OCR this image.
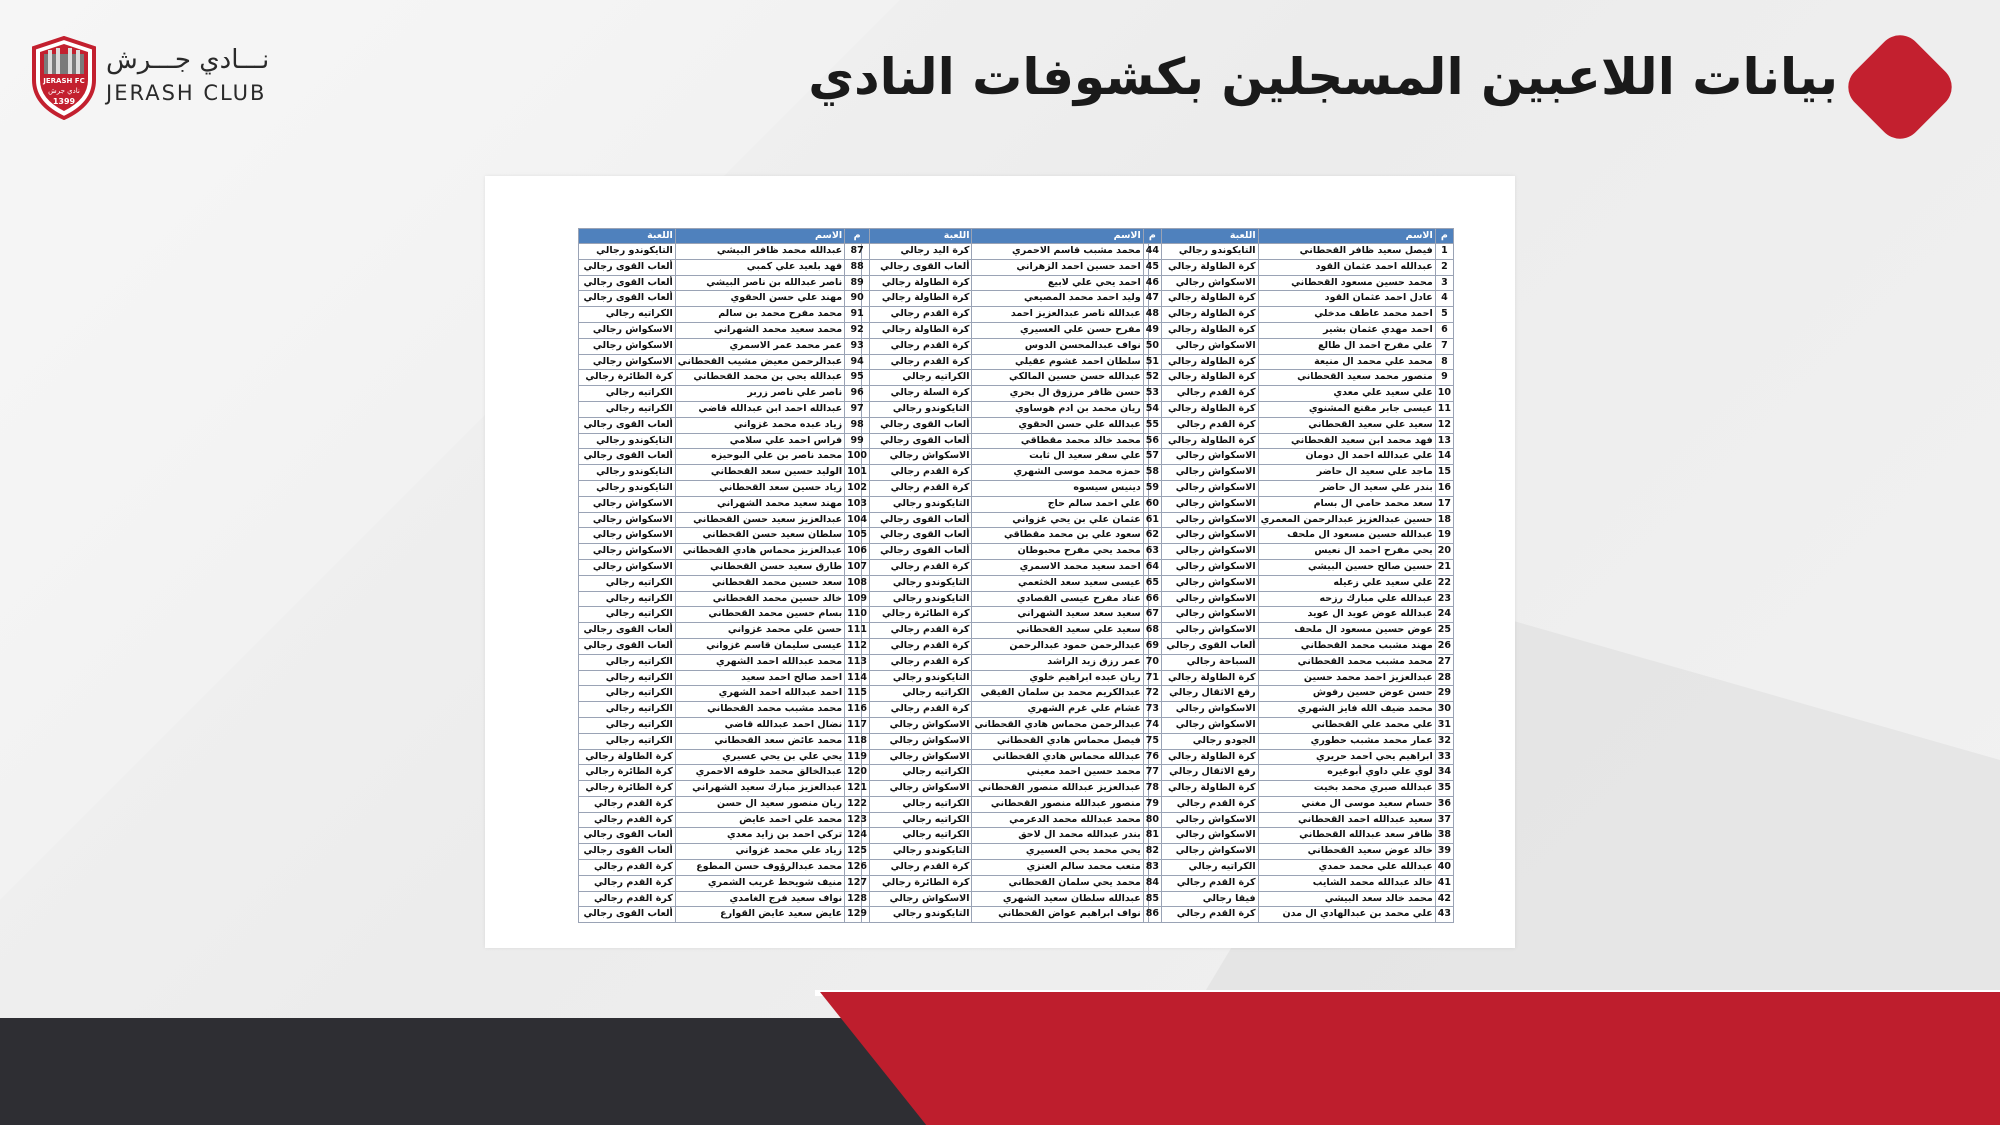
بيانات اللاعبين المسجلين بكشوفات النادي
JERASH FC
نادي جرش
1399
نـــادي جـــرش
JERASH CLUB
م	الاسم	اللعبة
1	فيصل سعيد ظافر القحطاني	التايكوندو رجالي
2	عبدالله احمد عثمان القود	كرة الطاولة رجالي
3	محمد حسين مسعود القحطاني	الاسكواش رجالي
4	عادل احمد عثمان القود	كرة الطاولة رجالي
5	احمد محمد عاطف مدخلي	كرة الطاولة رجالي
6	احمد مهدي عثمان بشير	كرة الطاولة رجالي
7	علي مفرح احمد ال طالع	الاسكواش رجالي
8	محمد علي محمد ال منيعة	كرة الطاولة رجالي
9	منصور محمد سعيد القحطاني	كرة الطاولة رجالي
10	علي سعيد علي معدي	كرة القدم رجالي
11	عيسى جابر مقنع المشنوي	كرة الطاولة رجالي
12	سعيد علي سعيد القحطاني	كرة القدم رجالي
13	فهد محمد ابن سعيد القحطاني	كرة الطاولة رجالي
14	علي عبدالله احمد ال دومان	الاسكواش رجالي
15	ماجد علي سعيد ال حاضر	الاسكواش رجالي
16	بندر علي سعيد ال حاضر	الاسكواش رجالي
17	سعد محمد حامي ال بسام	الاسكواش رجالي
18	حسين عبدالعزيز عبدالرحمن المعمري	الاسكواش رجالي
19	عبدالله حسين مسعود ال ملحف	الاسكواش رجالي
20	يحي مفرح احمد ال نعيس	الاسكواش رجالي
21	حسين صالح حسين البيشي	الاسكواش رجالي
22	علي سعيد علي زعيله	الاسكواش رجالي
23	عبدالله علي مبارك رزحه	الاسكواش رجالي
24	عبدالله عوض عويد ال عويد	الاسكواش رجالي
25	عوض حسين مسعود ال ملحف	الاسكواش رجالي
26	مهند مشبب محمد القحطاني	ألعاب القوى رجالي
27	محمد مشبب محمد القحطاني	السباحة رجالي
28	عبدالعزيز احمد محمد حسين	كرة الطاولة رجالي
29	حسن عوض حسين رفوش	رفع الاثقال رجالي
30	محمد ضيف الله فايز الشهري	الاسكواش رجالي
31	علي محمد علي القحطاني	الاسكواش رجالي
32	عمار محمد مشبب حطوري	الجودو رجالي
33	ابراهيم يحي احمد حريري	كرة الطاولة رجالي
34	لوي علي داوي أبوغيره	رفع الاثقال رجالي
35	عبدالله صبري محمد بخيت	كرة الطاولة رجالي
36	حسام سعيد موسى ال مغني	كرة القدم رجالي
37	سعيد عبدالله احمد القحطاني	الاسكواش رجالي
38	ظافر سعد عبدالله القحطاني	الاسكواش رجالي
39	خالد عوض سعيد القحطاني	الاسكواش رجالي
40	عبدالله علي محمد حمدي	الكراتيه رجالي
41	خالد عبدالله محمد الشايب	كرة القدم رجالي
42	محمد خالد سعد البيشي	فيقا رجالي
43	علي محمد بن عبدالهادي ال مدن	كرة القدم رجالي
م	الاسم	اللعبة
44	محمد مشبب قاسم الاحمري	كرة اليد رجالي
45	احمد حسين احمد الزهراني	ألعاب القوى رجالي
46	احمد يحي علي لابيع	كرة الطاولة رجالي
47	وليد احمد محمد المصيعي	كرة الطاولة رجالي
48	عبدالله ناصر عبدالعزيز احمد	كرة القدم رجالي
49	مفرح حسن علي العسيري	كرة الطاولة رجالي
50	نواف عبدالمحسن الدوس	كرة القدم رجالي
51	سلطان احمد غشوم عقيلي	كرة القدم رجالي
52	عبدالله حسن حسين المالكي	الكراتيه رجالي
53	حسن ظافر مرزوق ال بحري	كرة السلة رجالي
54	ريان محمد بن ادم هوساوي	التايكوندو رجالي
55	عبدالله علي حسن الحقوي	ألعاب القوى رجالي
56	محمد خالد محمد مقطاقي	ألعاب القوى رجالي
57	علي سفر سعيد ال ثابت	الاسكواش رجالي
58	حمزه محمد موسى الشهري	كرة القدم رجالي
59	دينيس سيسوه	كرة القدم رجالي
60	علي احمد سالم حاج	التايكوندو رجالي
61	عثمان علي بن يحي غزواني	ألعاب القوى رجالي
62	سعود علي بن محمد مقطاقي	ألعاب القوى رجالي
63	محمد يحي مفرح محبوطان	ألعاب القوى رجالي
64	احمد سعيد محمد الاسمري	كرة القدم رجالي
65	عيسى سعيد سعد الخثعمي	التايكوندو رجالي
66	عناد مفرح عيسى القصادي	التايكوندو رجالي
67	سعيد سعد سعيد الشهراني	كرة الطائرة رجالي
68	سعيد علي سعيد القحطاني	كرة القدم رجالي
69	عبدالرحمن حمود عبدالرحمن	كرة القدم رجالي
70	عمر رزق زيد الراشد	كرة القدم رجالي
71	ريان عبده ابراهيم خلوي	التايكوندو رجالي
72	عبدالكريم محمد بن سلمان الفيقي	الكراتيه رجالي
73	غشام علي غرم الشهري	كرة القدم رجالي
74	عبدالرحمن محماس هادي القحطاني	الاسكواش رجالي
75	فيصل محماس هادي القحطاني	الاسكواش رجالي
76	عبدالله محماس هادي القحطاني	الاسكواش رجالي
77	محمد حسين احمد معيني	الكراتيه رجالي
78	عبدالعزيز عبدالله منصور القحطاني	الاسكواش رجالي
79	منصور عبدالله منصور القحطاني	الكراتيه رجالي
80	محمد عبدالله محمد الدعرمي	الكراتيه رجالي
81	بندر عبدالله محمد ال لاحق	الكراتيه رجالي
82	يحي محمد يحي العسيري	التايكوندو رجالي
83	متعب محمد سالم العنزي	كرة القدم رجالي
84	محمد يحي سلمان القحطاني	كرة الطائرة رجالي
85	عبدالله سلطان سعيد الشهري	الاسكواش رجالي
86	نواف ابراهيم عواض القحطاني	التايكوندو رجالي
م	الاسم	اللعبة
87	عبدالله محمد ظافر البيشي	التايكوندو رجالي
88	فهد بلعيد علي كمبي	ألعاب القوى رجالي
89	ناصر عبدالله بن ناصر البيشي	ألعاب القوى رجالي
90	مهند علي حسن الحقوي	ألعاب القوى رجالي
91	محمد مفرح محمد بن سالم	الكراتيه رجالي
92	محمد سعيد محمد الشهراني	الاسكواش رجالي
93	عمر محمد عمر الاسمري	الاسكواش رجالي
94	عبدالرحمن معيض مشيب القحطاني	الاسكواش رجالي
95	عبدالله يحي بن محمد القحطاني	كرة الطائرة رجالي
96	ناصر علي ناصر زربر	الكراتيه رجالي
97	عبدالله احمد ابن عبدالله قاضي	الكراتيه رجالي
98	زياد عبده محمد غزواني	ألعاب القوى رجالي
99	فراس احمد علي سلامي	التايكوندو رجالي
100	محمد ناصر بن علي البوحيزه	ألعاب القوى رجالي
101	الوليد حسين سعد القحطاني	التايكوندو رجالي
102	زياد حسين سعد القحطاني	التايكوندو رجالي
103	مهند سعيد محمد الشهراني	الاسكواش رجالي
104	عبدالعزيز سعيد حسن القحطاني	الاسكواش رجالي
105	سلطان سعيد حسن القحطاني	الاسكواش رجالي
106	عبدالعزيز محماس هادي القحطاني	الاسكواش رجالي
107	طارق سعيد حسن القحطاني	الاسكواش رجالي
108	سعد حسين محمد القحطاني	الكراتيه رجالي
109	خالد حسين محمد القحطاني	الكراتيه رجالي
110	بسام حسين محمد القحطاني	الكراتيه رجالي
111	حسن علي محمد غزواني	ألعاب القوى رجالي
112	عيسى سليمان قاسم غزواني	ألعاب القوى رجالي
113	محمد عبدالله احمد الشهري	الكراتيه رجالي
114	احمد صالح احمد سعيد	الكراتيه رجالي
115	احمد عبدالله احمد الشهري	الكراتيه رجالي
116	محمد مشبب محمد القحطاني	الكراتيه رجالي
117	نضال احمد عبدالله قاضي	الكراتيه رجالي
118	محمد عائض سعد القحطاني	الكراتيه رجالي
119	يحي علي بن يحي عسيري	كرة الطاولة رجالي
120	عبدالخالق محمد خلوفه الاحمري	كرة الطائرة رجالي
121	عبدالعزيز مبارك سعيد الشهراني	كرة الطائرة رجالي
122	ريان منصور سعيد ال حسن	كرة القدم رجالي
123	محمد علي احمد عايض	كرة القدم رجالي
124	تركي احمد بن زايد معدي	ألعاب القوى رجالي
125	زياد علي محمد غزواني	ألعاب القوى رجالي
126	محمد عبدالرؤوف حسن المطوع	كرة القدم رجالي
127	منيف شويحط غريب الشمري	كرة القدم رجالي
128	نواف سعيد فرج الغامدي	كرة القدم رجالي
129	عايض سعيد عايض القوارع	ألعاب القوى رجالي
